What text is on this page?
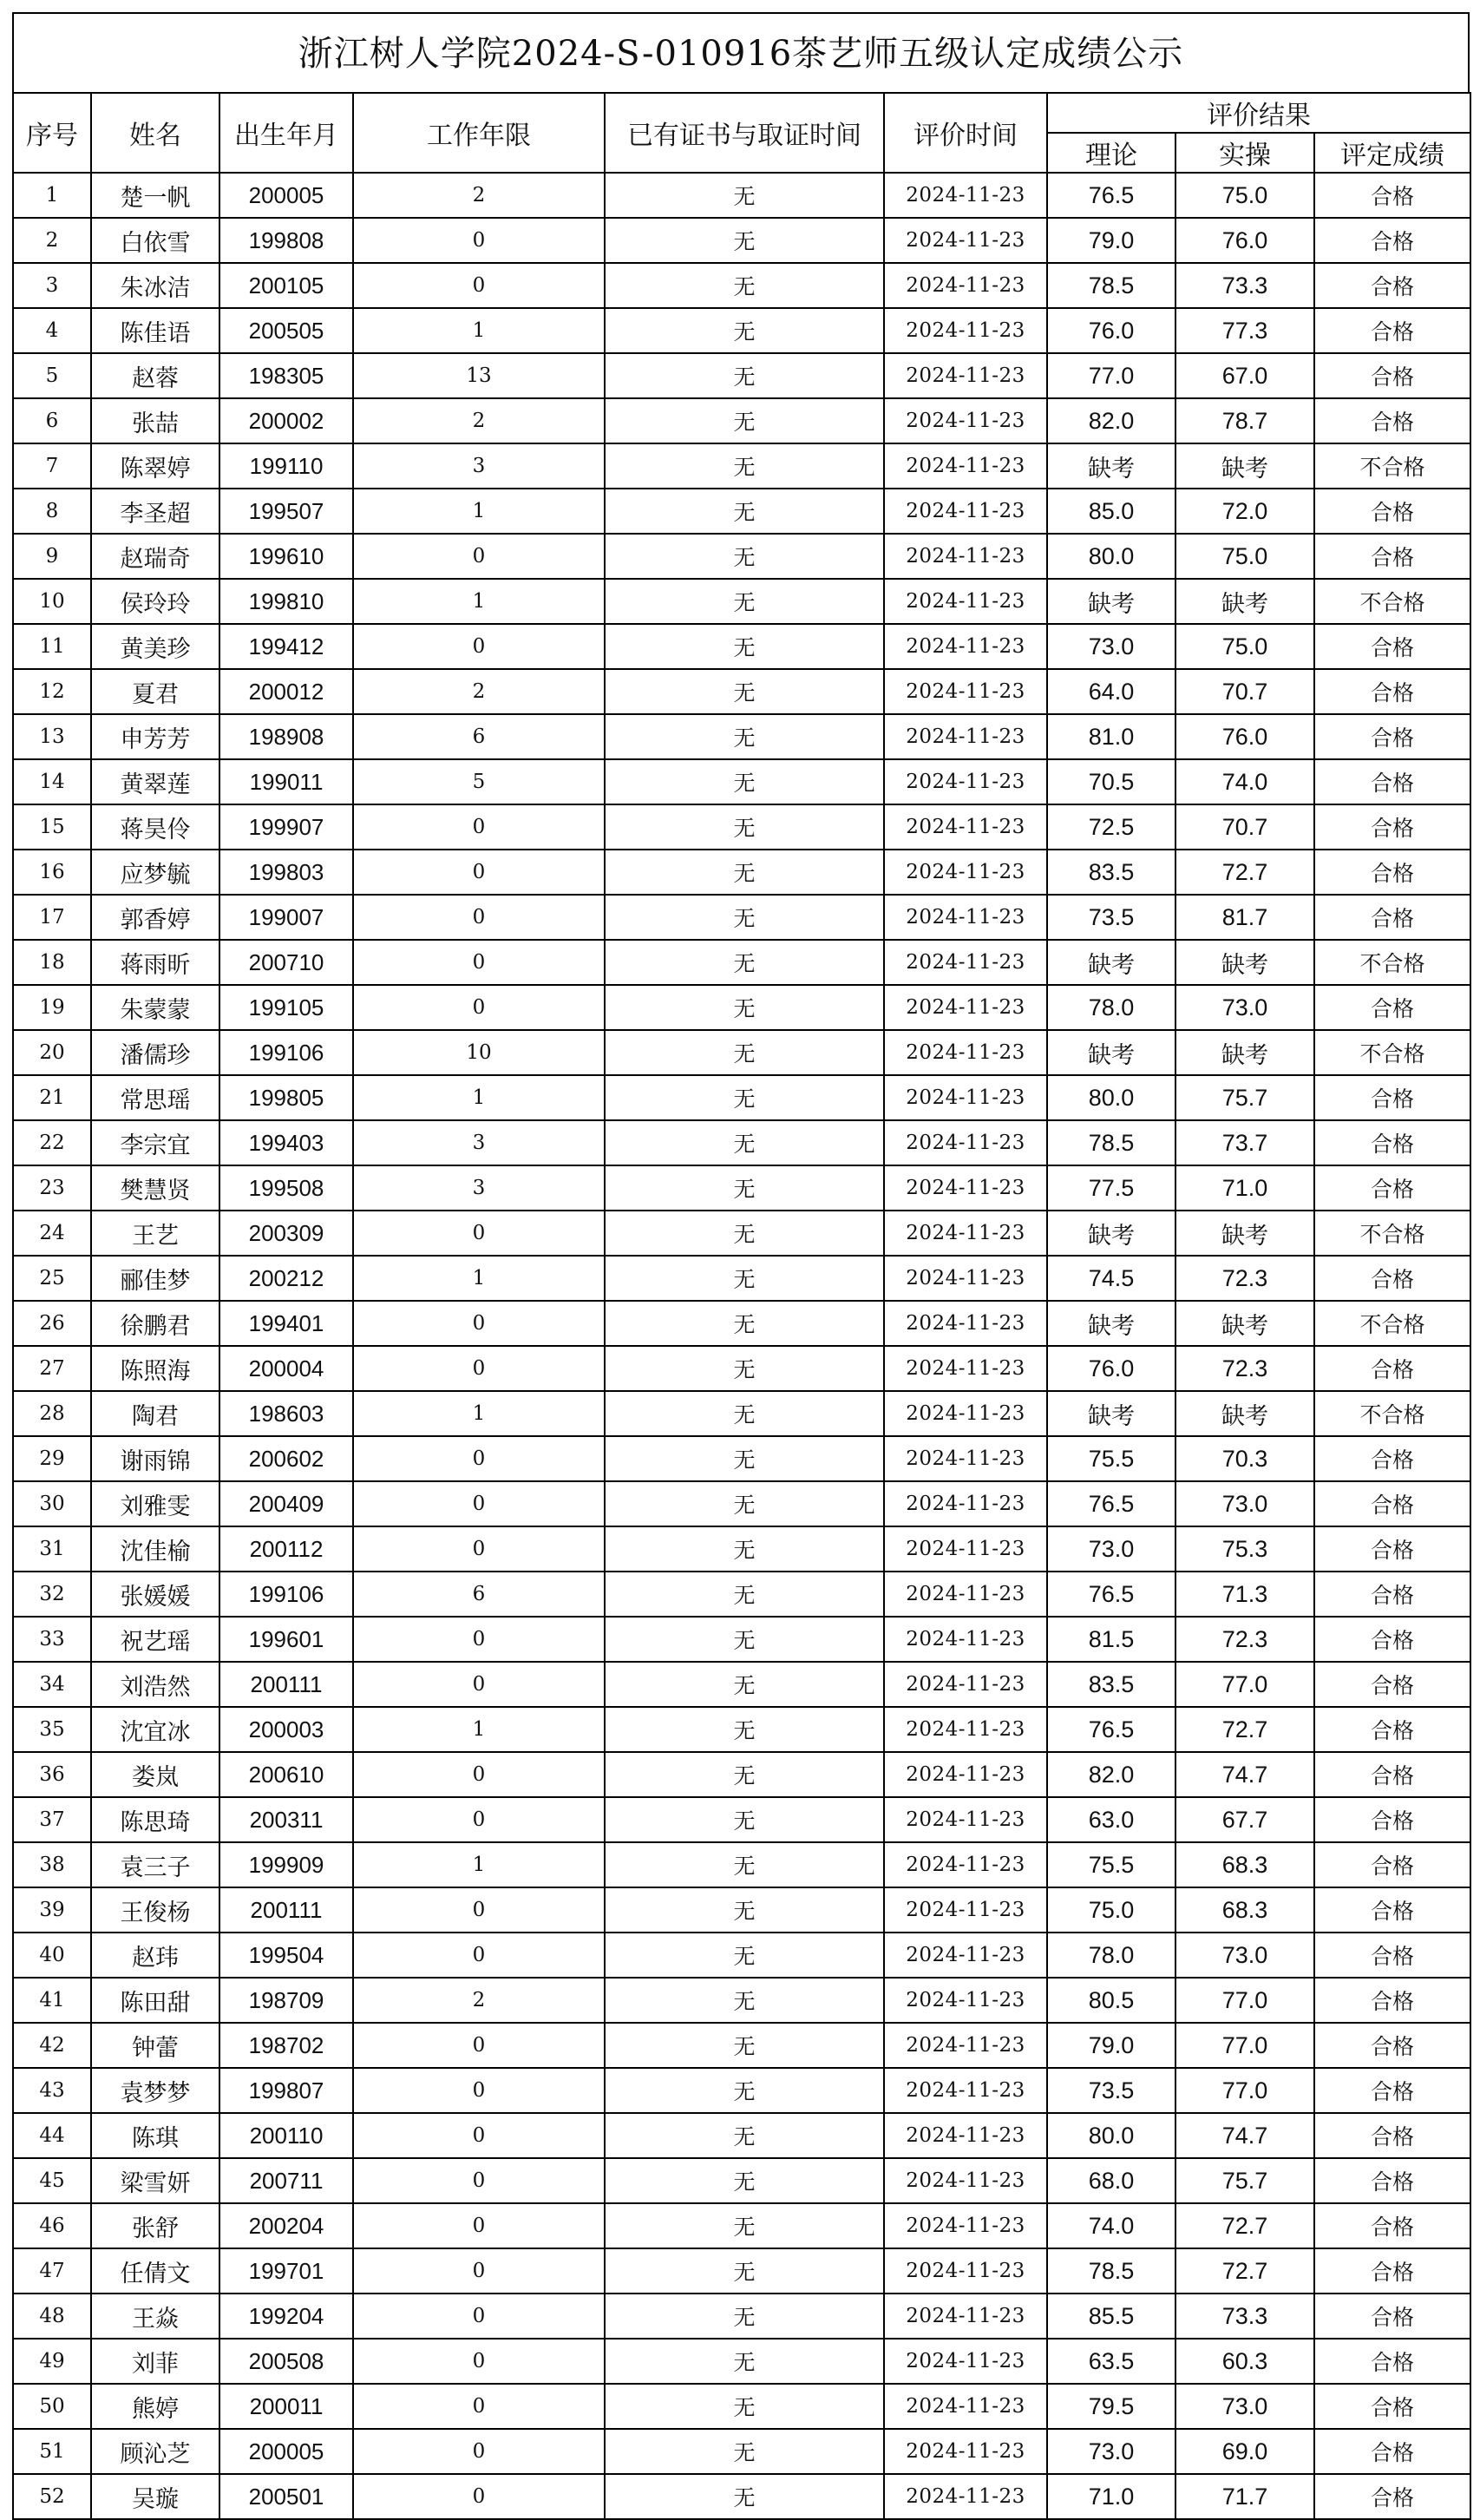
浙江树人学院2024-S-010916茶艺师五级认定成绩公示
序号	姓名	出生年月	工作年限	已有证书与取证时间	评价时间	评价结果		
						理论	实操	评定成绩
1	楚一帆	200005	2	无	2024-11-23	76.5	75.0	合格
2	白依雪	199808	0	无	2024-11-23	79.0	76.0	合格
3	朱冰洁	200105	0	无	2024-11-23	78.5	73.3	合格
4	陈佳语	200505	1	无	2024-11-23	76.0	77.3	合格
5	赵蓉	198305	13	无	2024-11-23	77.0	67.0	合格
6	张喆	200002	2	无	2024-11-23	82.0	78.7	合格
7	陈翠婷	199110	3	无	2024-11-23	缺考	缺考	不合格
8	李圣超	199507	1	无	2024-11-23	85.0	72.0	合格
9	赵瑞奇	199610	0	无	2024-11-23	80.0	75.0	合格
10	侯玲玲	199810	1	无	2024-11-23	缺考	缺考	不合格
11	黄美珍	199412	0	无	2024-11-23	73.0	75.0	合格
12	夏君	200012	2	无	2024-11-23	64.0	70.7	合格
13	申芳芳	198908	6	无	2024-11-23	81.0	76.0	合格
14	黄翠莲	199011	5	无	2024-11-23	70.5	74.0	合格
15	蒋昊伶	199907	0	无	2024-11-23	72.5	70.7	合格
16	应梦毓	199803	0	无	2024-11-23	83.5	72.7	合格
17	郭香婷	199007	0	无	2024-11-23	73.5	81.7	合格
18	蒋雨昕	200710	0	无	2024-11-23	缺考	缺考	不合格
19	朱蒙蒙	199105	0	无	2024-11-23	78.0	73.0	合格
20	潘儒珍	199106	10	无	2024-11-23	缺考	缺考	不合格
21	常思瑶	199805	1	无	2024-11-23	80.0	75.7	合格
22	李宗宜	199403	3	无	2024-11-23	78.5	73.7	合格
23	樊慧贤	199508	3	无	2024-11-23	77.5	71.0	合格
24	王艺	200309	0	无	2024-11-23	缺考	缺考	不合格
25	郦佳梦	200212	1	无	2024-11-23	74.5	72.3	合格
26	徐鹏君	199401	0	无	2024-11-23	缺考	缺考	不合格
27	陈照海	200004	0	无	2024-11-23	76.0	72.3	合格
28	陶君	198603	1	无	2024-11-23	缺考	缺考	不合格
29	谢雨锦	200602	0	无	2024-11-23	75.5	70.3	合格
30	刘雅雯	200409	0	无	2024-11-23	76.5	73.0	合格
31	沈佳榆	200112	0	无	2024-11-23	73.0	75.3	合格
32	张媛媛	199106	6	无	2024-11-23	76.5	71.3	合格
33	祝艺瑶	199601	0	无	2024-11-23	81.5	72.3	合格
34	刘浩然	200111	0	无	2024-11-23	83.5	77.0	合格
35	沈宜冰	200003	1	无	2024-11-23	76.5	72.7	合格
36	娄岚	200610	0	无	2024-11-23	82.0	74.7	合格
37	陈思琦	200311	0	无	2024-11-23	63.0	67.7	合格
38	袁三子	199909	1	无	2024-11-23	75.5	68.3	合格
39	王俊杨	200111	0	无	2024-11-23	75.0	68.3	合格
40	赵玮	199504	0	无	2024-11-23	78.0	73.0	合格
41	陈田甜	198709	2	无	2024-11-23	80.5	77.0	合格
42	钟蕾	198702	0	无	2024-11-23	79.0	77.0	合格
43	袁梦梦	199807	0	无	2024-11-23	73.5	77.0	合格
44	陈琪	200110	0	无	2024-11-23	80.0	74.7	合格
45	梁雪妍	200711	0	无	2024-11-23	68.0	75.7	合格
46	张舒	200204	0	无	2024-11-23	74.0	72.7	合格
47	任倩文	199701	0	无	2024-11-23	78.5	72.7	合格
48	王焱	199204	0	无	2024-11-23	85.5	73.3	合格
49	刘菲	200508	0	无	2024-11-23	63.5	60.3	合格
50	熊婷	200011	0	无	2024-11-23	79.5	73.0	合格
51	顾沁芝	200005	0	无	2024-11-23	73.0	69.0	合格
52	吴璇	200501	0	无	2024-11-23	71.0	71.7	合格
